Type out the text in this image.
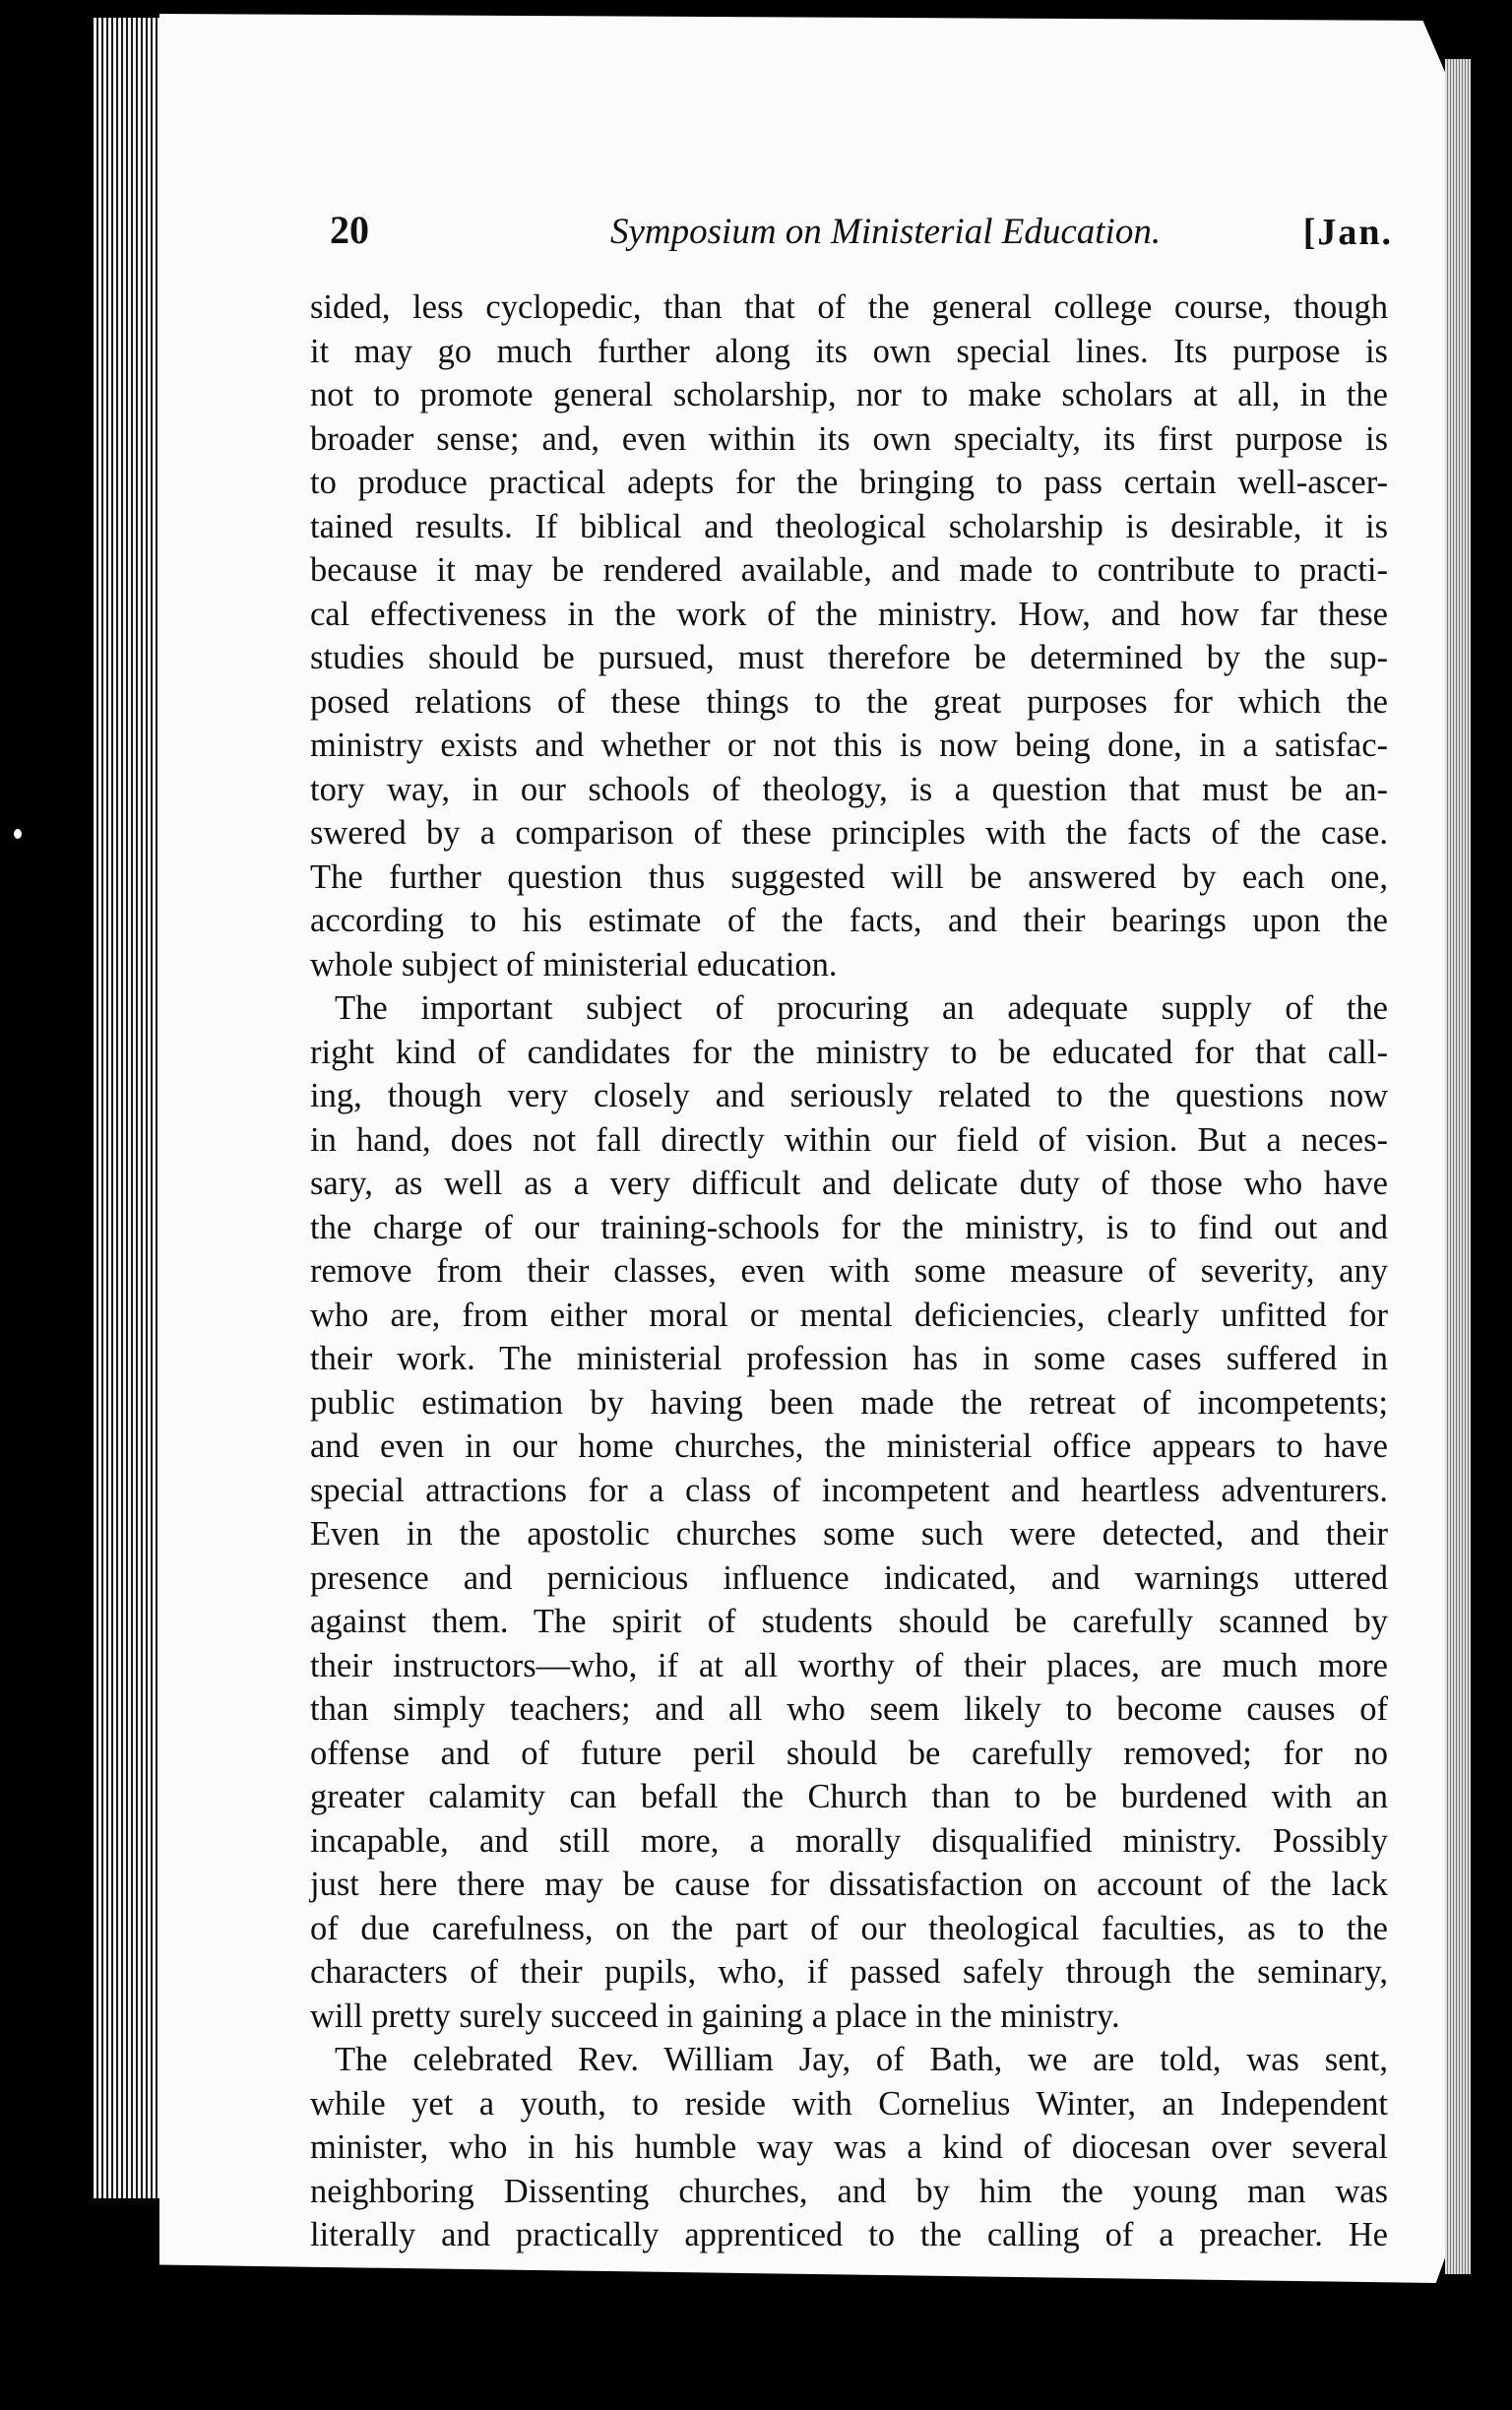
20	Symposium on Ministerial Education.	[Jan.
sided, less cyclopedic, than that of the general college course, though
it may go much further along its own special lines. Its purpose is
not to promote general scholarship, nor to make scholars at all, in the
broader sense; and, even within its own specialty, its first purpose is
to produce practical adepts for the bringing to pass certain well-ascer-
tained results. If biblical and theological scholarship is desirable, it is
because it may be rendered available, and made to contribute to practi-
cal effectiveness in the work of the ministry. How, and how far these
studies should be pursued, must therefore be determined by the sup-
posed relations of these things to the great purposes for which the
ministry exists and whether or not this is now being done, in a satisfac-
tory way, in our schools of theology, is a question that must be an-
swered by a comparison of these principles with the facts of the case.
The further question thus suggested will be answered by each one,
according to his estimate of the facts, and their bearings upon the
whole subject of ministerial education.
The important subject of procuring an adequate supply of the
right kind of candidates for the ministry to be educated for that call-
ing, though very closely and seriously related to the questions now
in hand, does not fall directly within our field of vision. But a neces-
sary, as well as a very difficult and delicate duty of those who have
the charge of our training-schools for the ministry, is to find out and
remove from their classes, even with some measure of severity, any
who are, from either moral or mental deficiencies, clearly unfitted for
their work. The ministerial profession has in some cases suffered in
public estimation by having been made the retreat of incompetents;
and even in our home churches, the ministerial office appears to have
special attractions for a class of incompetent and heartless adventurers.
Even in the apostolic churches some such were detected, and their
presence and pernicious influence indicated, and warnings uttered
against them. The spirit of students should be carefully scanned by
their instructors—who, if at all worthy of their places, are much more
than simply teachers; and all who seem likely to become causes of
offense and of future peril should be carefully removed; for no
greater calamity can befall the Church than to be burdened with an
incapable, and still more, a morally disqualified ministry. Possibly
just here there may be cause for dissatisfaction on account of the lack
of due carefulness, on the part of our theological faculties, as to the
characters of their pupils, who, if passed safely through the seminary,
will pretty surely succeed in gaining a place in the ministry.
The celebrated Rev. William Jay, of Bath, we are told, was sent,
while yet a youth, to reside with Cornelius Winter, an Independent
minister, who in his humble way was a kind of diocesan over several
neighboring Dissenting churches, and by him the young man was
literally and practically apprenticed to the calling of a preacher. He
